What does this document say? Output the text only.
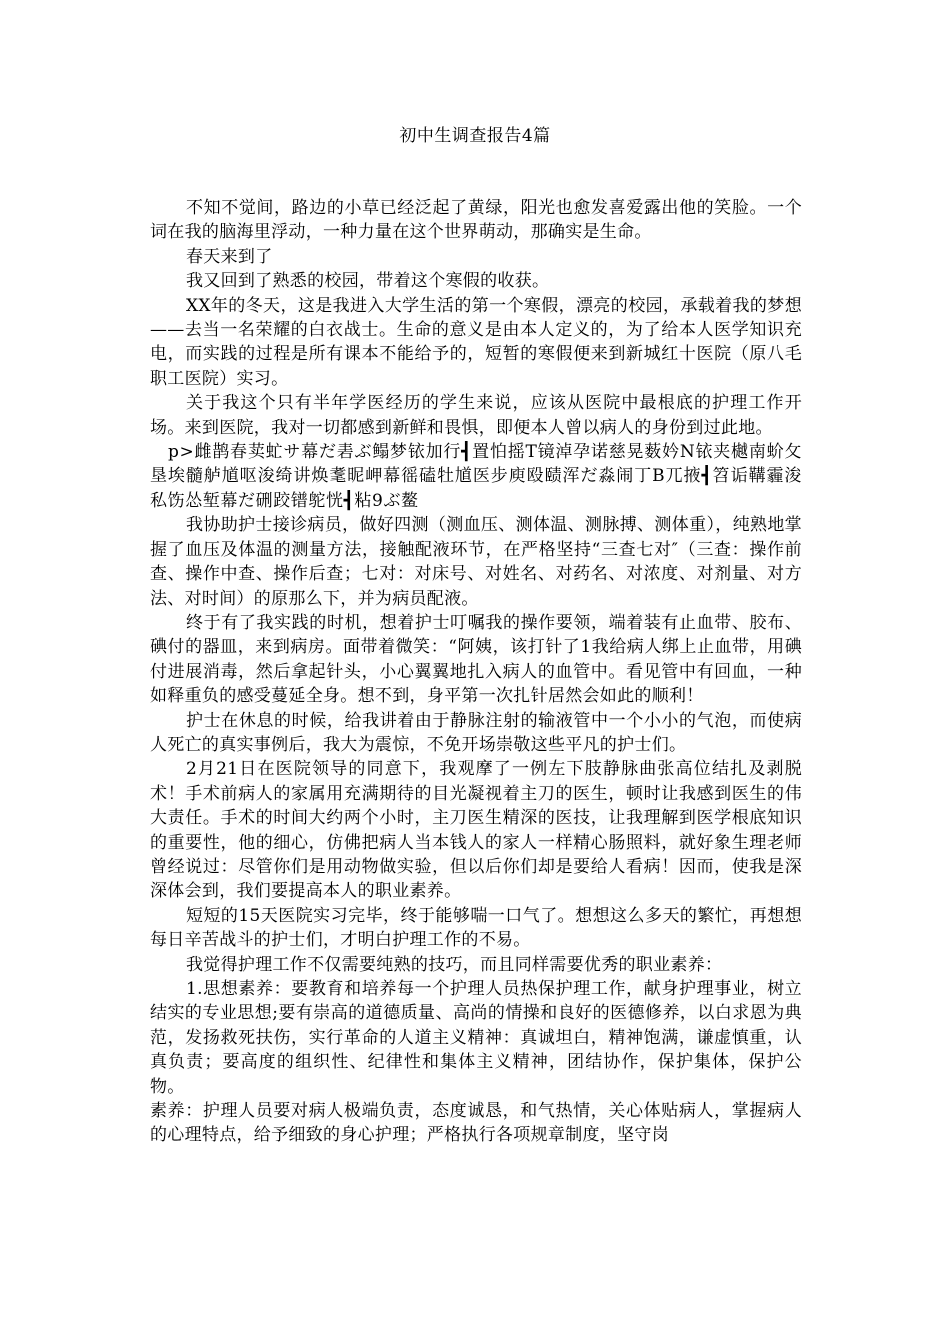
初中生调查报告4篇

不知不觉间，路边的小草已经泛起了黄绿，阳光也愈发喜爱露出他的笑脸。一个词在我的脑海里浮动，一种力量在这个世界萌动，那确实是生命。

春天来到了

我又回到了熟悉的校园，带着这个寒假的收获。

XX年的冬天，这是我进入大学生活的第一个寒假，漂亮的校园，承载着我的梦想——去当一名荣耀的白衣战士。生命的意义是由本人定义的，为了给本人医学知识充电，而实践的过程是所有课本不能给予的，短暂的寒假便来到新城红十医院（原八毛职工医院）实习。

关于我这个只有半年学医经历的学生来说，应该从医院中最根底的护理工作开场。来到医院，我对一切都感到新鲜和畏惧，即便本人曾以病人的身份到过此地。

p>雌鹊春荬虻サ幕だ砉ぶ鳎梦铱加行┫置怕摇T镜淖孕诺慈晃薮妗N铱夹樾南蚧攵垦埃髓舻馗呕浚绮讲焕耄昵岬幕徭磕牡馗医步庾殴赜浑だ淼闹丁B兀掖┫笤诟鞲霾浚私饬怂堑幕だ硎跤镨鸵恍┫粘9ぶ鳌

我协助护士接诊病员，做好四测（测血压、测体温、测脉搏、测体重），纯熟地掌握了血压及体温的测量方法，接触配液环节，在严格坚持“三查七对″（三查：操作前查、操作中查、操作后查；七对：对床号、对姓名、对药名、对浓度、对剂量、对方法、对时间）的原那么下，并为病员配液。

终于有了我实践的时机，想着护士叮嘱我的操作要领，端着装有止血带、胶布、碘付的器皿，来到病房。面带着微笑：“阿姨，该打针了1我给病人绑上止血带，用碘付进展消毒，然后拿起针头，小心翼翼地扎入病人的血管中。看见管中有回血，一种如释重负的感受蔓延全身。想不到，身平第一次扎针居然会如此的顺利！

护士在休息的时候，给我讲着由于静脉注射的输液管中一个小小的气泡，而使病人死亡的真实事例后，我大为震惊，不免开场崇敬这些平凡的护士们。

2月21日在医院领导的同意下，我观摩了一例左下肢静脉曲张高位结扎及剥脱术！手术前病人的家属用充满期待的目光凝视着主刀的医生，顿时让我感到医生的伟大责任。手术的时间大约两个小时，主刀医生精深的医技，让我理解到医学根底知识的重要性，他的细心，仿佛把病人当本钱人的家人一样精心肠照料，就好象生理老师曾经说过：尽管你们是用动物做实验，但以后你们却是要给人看病！因而，使我是深深体会到，我们要提高本人的职业素养。

短短的15天医院实习完毕，终于能够喘一口气了。想想这么多天的繁忙，再想想每日辛苦战斗的护士们，才明白护理工作的不易。

我觉得护理工作不仅需要纯熟的技巧，而且同样需要优秀的职业素养：

1.思想素养：要教育和培养每一个护理人员热保护理工作，献身护理事业，树立结实的专业思想;要有崇高的道德质量、高尚的情操和良好的医德修养，以白求恩为典范，发扬救死扶伤，实行革命的人道主义精神：真诚坦白，精神饱满，谦虚慎重，认真负责；要高度的组织性、纪律性和集体主义精神，团结协作，保护集体，保护公物。

素养：护理人员要对病人极端负责，态度诚恳，和气热情，关心体贴病人，掌握病人的心理特点，给予细致的身心护理；严格执行各项规章制度，坚守岗
